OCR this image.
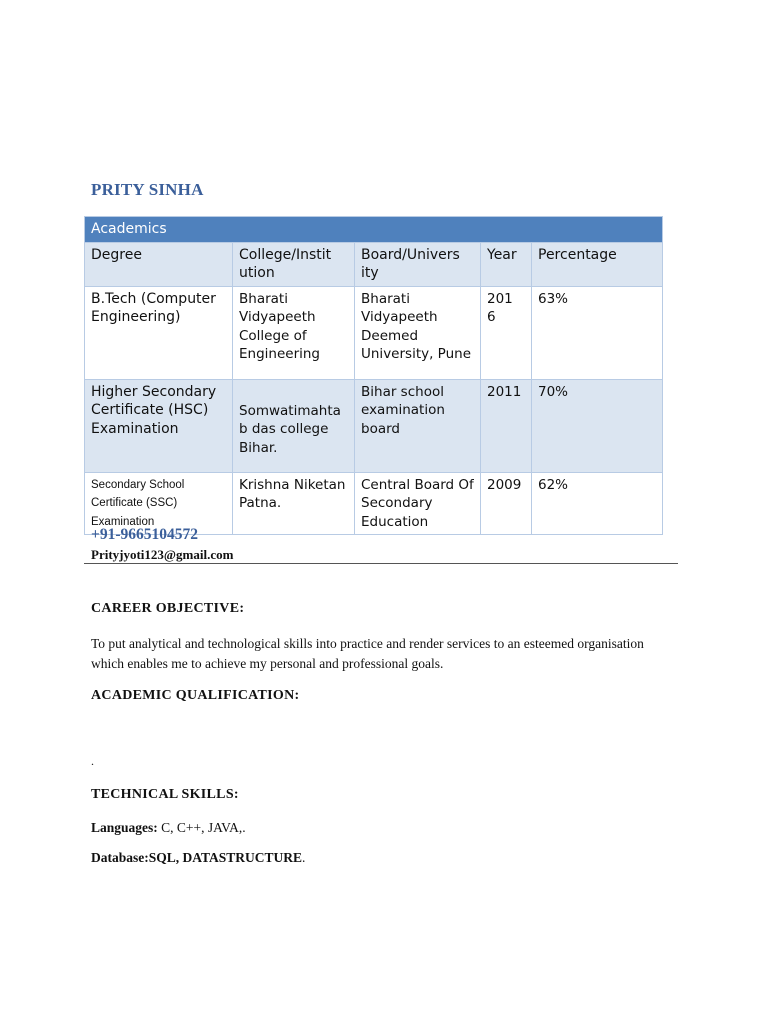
PRITY SINHA
Academics				
Degree	College/Instit ution	Board/Univers ity	Year	Percentage
B.Tech (Computer Engineering)	Bharati Vidyapeeth College of Engineering	Bharati Vidyapeeth Deemed University, Pune	201 6	63%
Higher Secondary Certificate (HSC) Examination	Somwatimahta b das college Bihar.	Bihar school examination board	2011	70%
Secondary School Certificate (SSC) Examination	Krishna Niketan Patna.	Central Board Of Secondary Education	2009	62%
+91-9665104572
Prityjyoti123@gmail.com
CAREER OBJECTIVE:
To put analytical and technological skills into practice and render services to an esteemed organisation which enables me to achieve my personal and professional goals.
ACADEMIC QUALIFICATION:
.
TECHNICAL SKILLS:
Languages: C, C++, JAVA,.
Database:SQL, DATASTRUCTURE.
